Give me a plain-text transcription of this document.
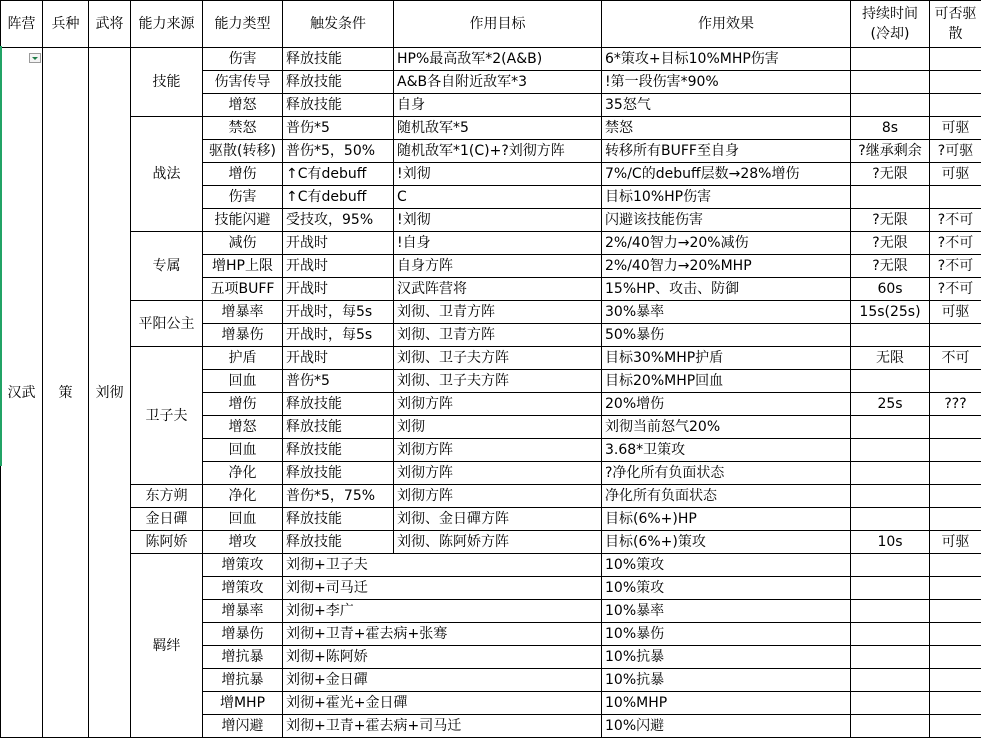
阵营	兵种	武将	能力来源	能力类型	触发条件	作用目标	作用效果	持续时间(冷却)	可否驱散
汉武	策	刘彻	技能	伤害	释放技能	HP%最高敌军*2(A&B)	6*策攻+目标10%MHP伤害		
				伤害传导	释放技能	A&B各自附近敌军*3	!第一段伤害*90%		
				增怒	释放技能	自身	35怒气		
			战法	禁怒	普伤*5	随机敌军*5	禁怒	8s	可驱
				驱散(转移)	普伤*5，50%	随机敌军*1(C)+?刘彻方阵	转移所有BUFF至自身	?继承剩余	?可驱
				增伤	↑C有debuff	!刘彻	7%/C的debuff层数→28%增伤	?无限	可驱
				伤害	↑C有debuff	C	目标10%HP伤害		
				技能闪避	受技攻，95%	!刘彻	闪避该技能伤害	?无限	?不可
			专属	减伤	开战时	!自身	2%/40智力→20%减伤	?无限	?不可
				增HP上限	开战时	自身方阵	2%/40智力→20%MHP	?无限	?不可
				五项BUFF	开战时	汉武阵营将	15%HP、攻击、防御	60s	?不可
			平阳公主	增暴率	开战时，每5s	刘彻、卫青方阵	30%暴率	15s(25s)	可驱
				增暴伤	开战时，每5s	刘彻、卫青方阵	50%暴伤		
			卫子夫	护盾	开战时	刘彻、卫子夫方阵	目标30%MHP护盾	无限	不可
				回血	普伤*5	刘彻、卫子夫方阵	目标20%MHP回血		
				增伤	释放技能	刘彻方阵	20%增伤	25s	???
				增怒	释放技能	刘彻	刘彻当前怒气20%		
				回血	释放技能	刘彻方阵	3.68*卫策攻		
				净化	释放技能	刘彻方阵	?净化所有负面状态		
			东方朔	净化	普伤*5，75%	刘彻方阵	净化所有负面状态		
			金日磾	回血	释放技能	刘彻、金日磾方阵	目标(6%+)HP		
			陈阿娇	增攻	释放技能	刘彻、陈阿娇方阵	目标(6%+)策攻	10s	可驱
			羁绊	增策攻	刘彻+卫子夫		10%策攻		
				增策攻	刘彻+司马迁		10%策攻		
				增暴率	刘彻+李广		10%暴率		
				增暴伤	刘彻+卫青+霍去病+张骞		10%暴伤		
				增抗暴	刘彻+陈阿娇		10%抗暴		
				增抗暴	刘彻+金日磾		10%抗暴		
				增MHP	刘彻+霍光+金日磾		10%MHP		
				增闪避	刘彻+卫青+霍去病+司马迁		10%闪避		
